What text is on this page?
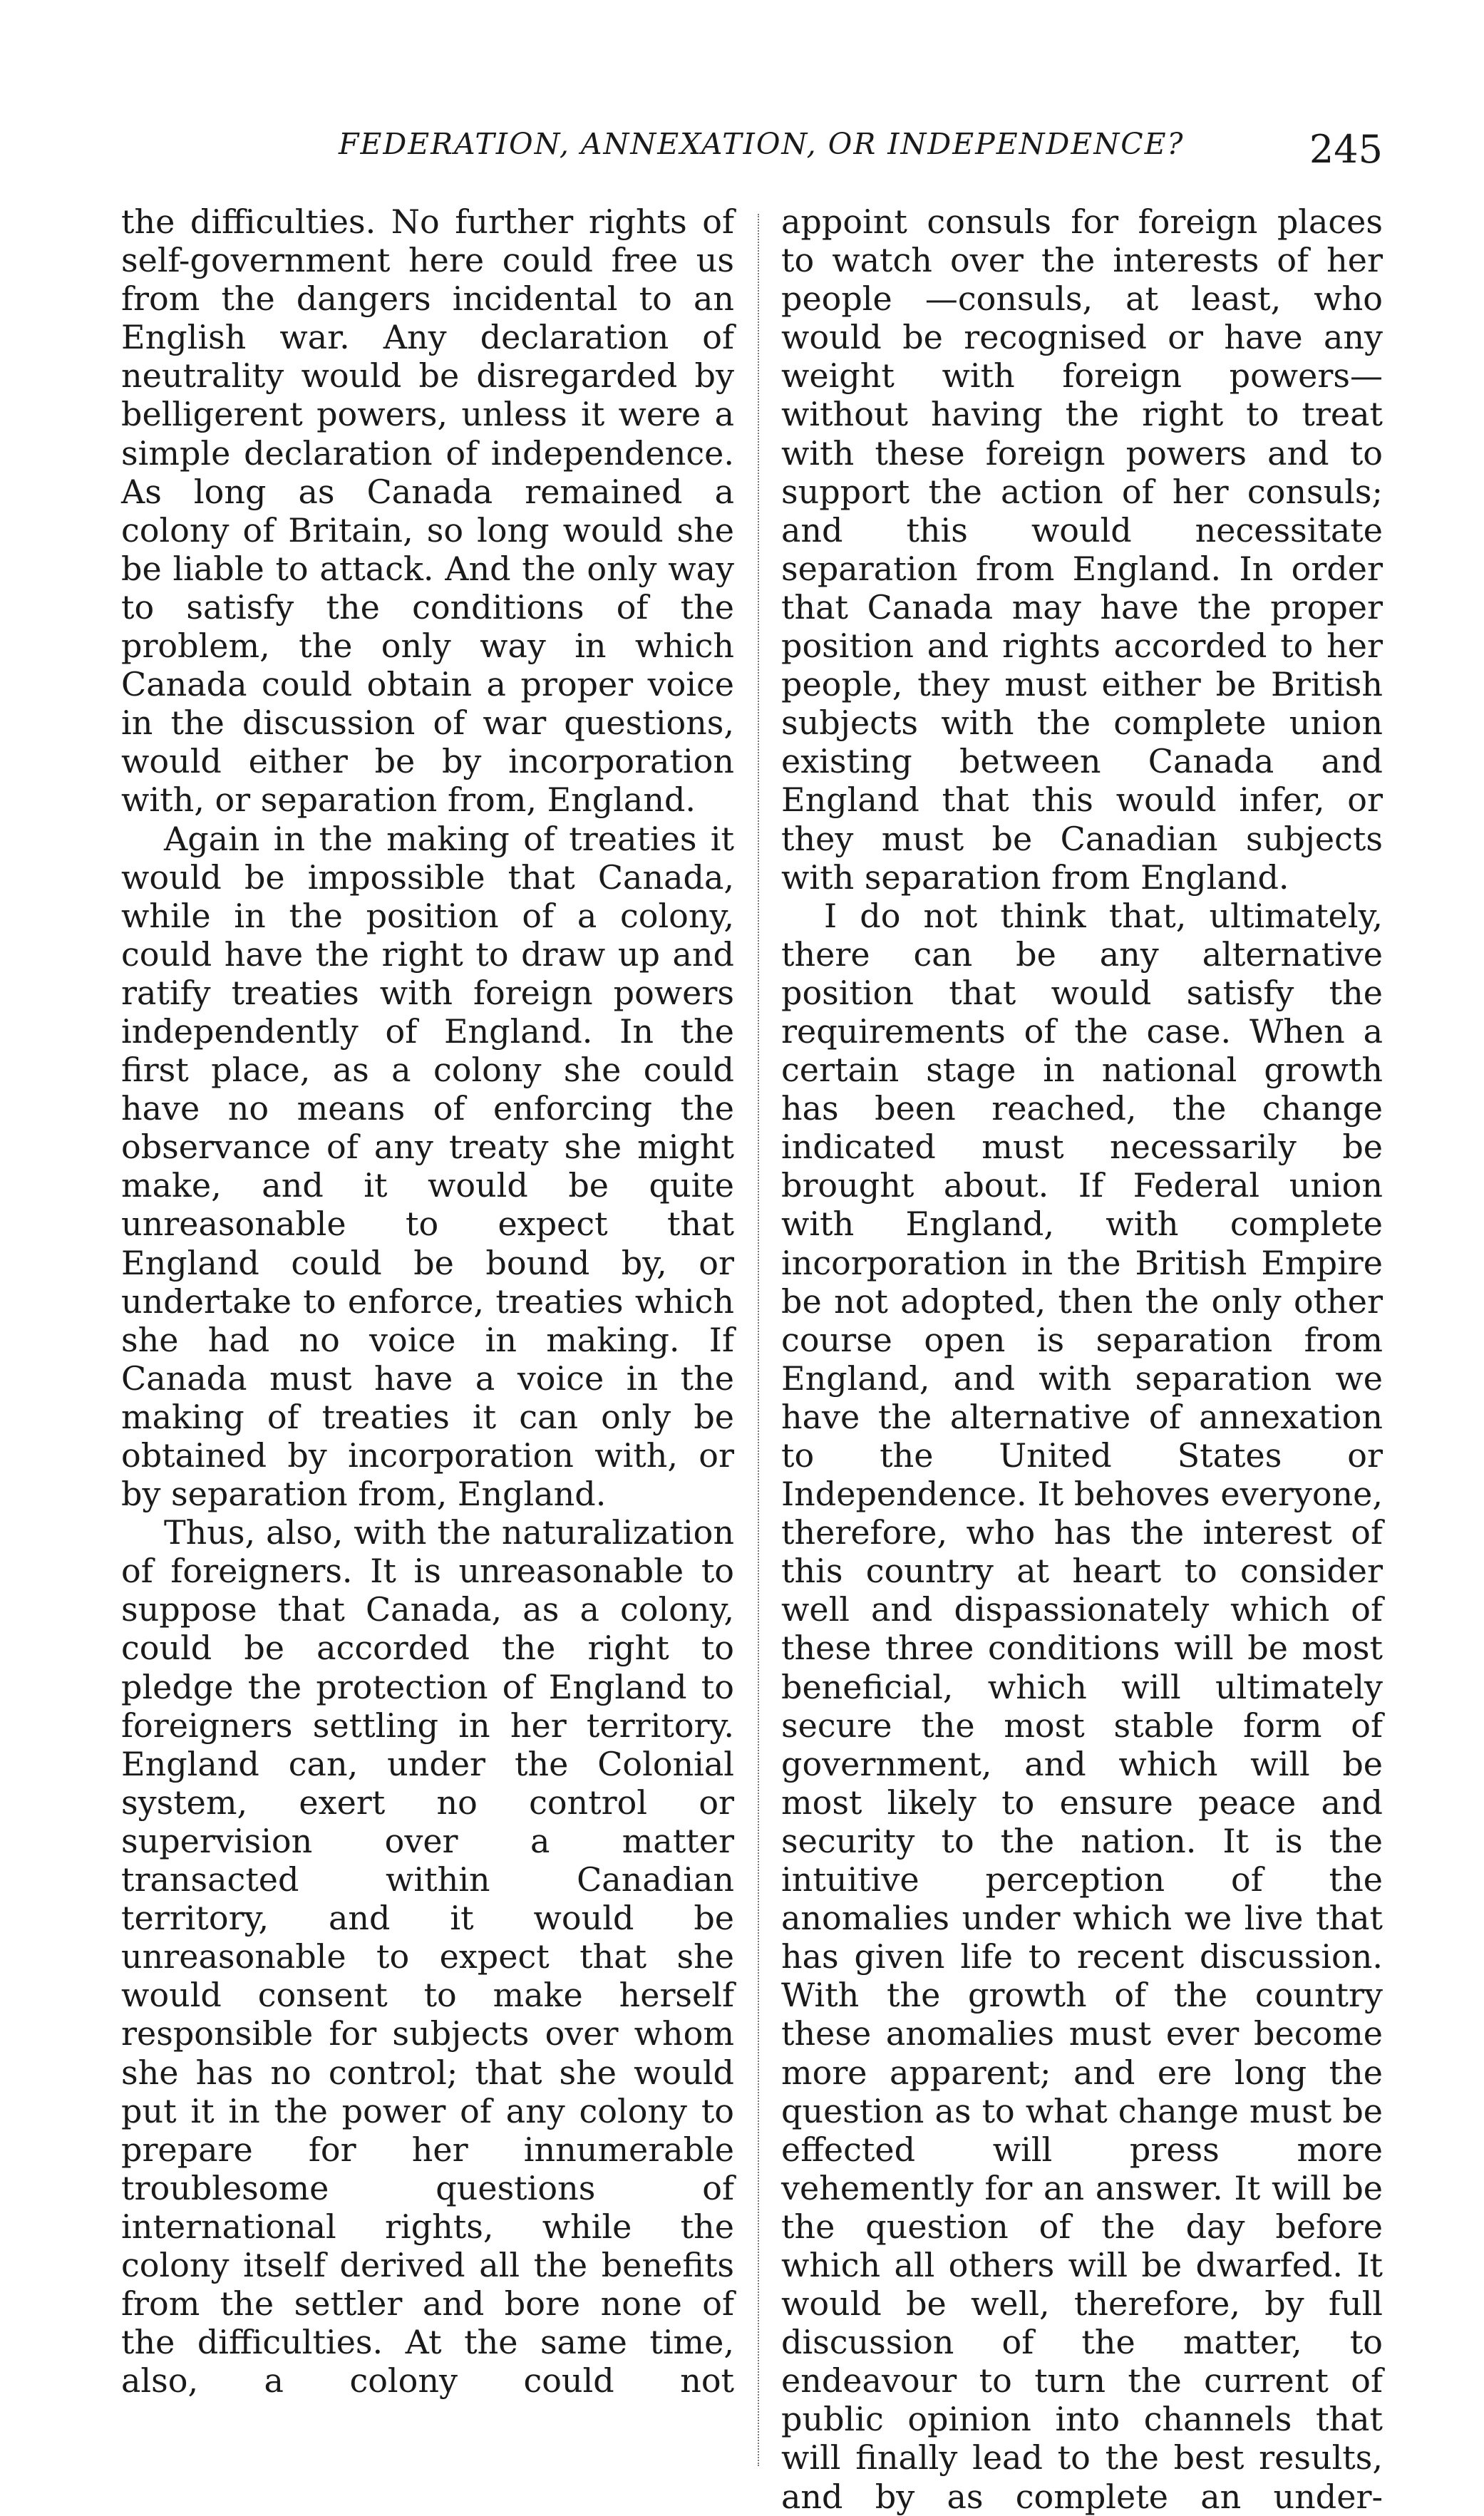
FEDERATION, ANNEXATION, OR INDEPENDENCE?	245

the difficulties. No further rights of self-government here could free us from the dangers incidental to an English war. Any declaration of neutrality would be disregarded by belligerent powers, unless it were a simple declaration of independence. As long as Canada remained a colony of Britain, so long would she be liable to attack. And the only way to satisfy the conditions of the problem, the only way in which Canada could obtain a proper voice in the discussion of war questions, would either be by incorporation with, or separation from, England.

Again in the making of treaties it would be impossible that Canada, while in the position of a colony, could have the right to draw up and ratify treaties with foreign powers independently of England. In the first place, as a colony she could have no means of enforcing the observance of any treaty she might make, and it would be quite unreasonable to expect that England could be bound by, or undertake to enforce, treaties which she had no voice in making. If Canada must have a voice in the making of treaties it can only be obtained by incorporation with, or by separation from, England.

Thus, also, with the naturalization of foreigners. It is unreasonable to suppose that Canada, as a colony, could be accorded the right to pledge the protection of England to foreigners settling in her territory. England can, under the Colonial system, exert no control or supervision over a matter transacted within Canadian territory, and it would be unreasonable to expect that she would consent to make herself responsible for subjects over whom she has no control; that she would put it in the power of any colony to prepare for her innumerable troublesome questions of international rights, while the colony itself derived all the benefits from the settler and bore none of the difficulties. At the same time, also, a colony could not

appoint consuls for foreign places to watch over the interests of her people —consuls, at least, who would be recognised or have any weight with foreign powers—without having the right to treat with these foreign powers and to support the action of her consuls; and this would necessitate separation from England. In order that Canada may have the proper position and rights accorded to her people, they must either be British subjects with the complete union existing between Canada and England that this would infer, or they must be Canadian subjects with separation from England.

I do not think that, ultimately, there can be any alternative position that would satisfy the requirements of the case. When a certain stage in national growth has been reached, the change indicated must necessarily be brought about. If Federal union with England, with complete incorporation in the British Empire be not adopted, then the only other course open is separation from England, and with separation we have the alternative of annexation to the United States or Independence. It behoves everyone, therefore, who has the interest of this country at heart to consider well and dispassionately which of these three conditions will be most beneficial, which will ultimately secure the most stable form of government, and which will be most likely to ensure peace and security to the nation. It is the intuitive perception of the anomalies under which we live that has given life to recent discussion. With the growth of the country these anomalies must ever become more apparent; and ere long the question as to what change must be effected will press more vehemently for an answer. It will be the question of the day before which all others will be dwarfed. It would be well, therefore, by full discussion of the matter, to endeavour to turn the current of public opinion into channels that will finally lead to the best results, and by as complete an under-
